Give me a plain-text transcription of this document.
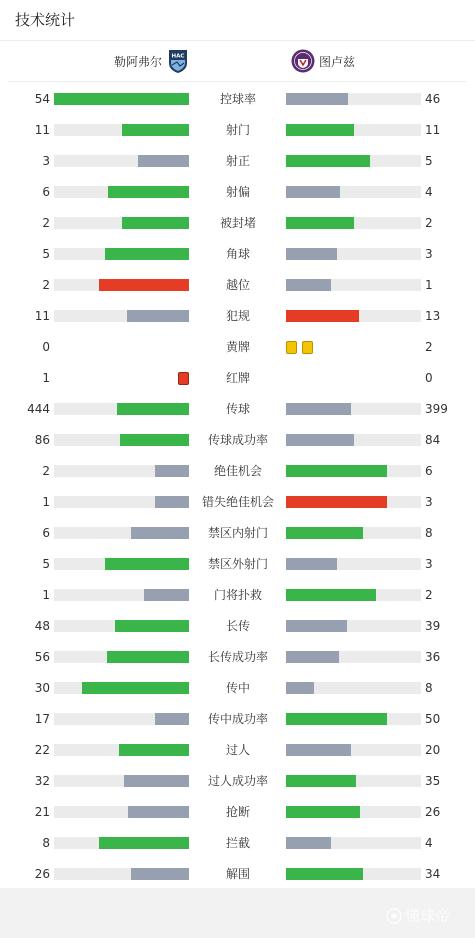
技术统计
勒阿弗尔 HAC	图卢兹
54	控球率	46
11	射门	11
3	射正	5
6	射偏	4
2	被封堵	2
5	角球	3
2	越位	1
11	犯规	13
0	黄牌	2
1	红牌	0
444	传球	399
86	传球成功率	84
2	绝佳机会	6
1	错失绝佳机会	3
6	禁区内射门	8
5	禁区外射门	3
1	门将扑救	2
48	长传	39
56	长传成功率	36
30	传中	8
17	传中成功率	50
22	过人	20
32	过人成功率	35
21	抢断	26
8	拦截	4
26	解围	34
懂球帝
